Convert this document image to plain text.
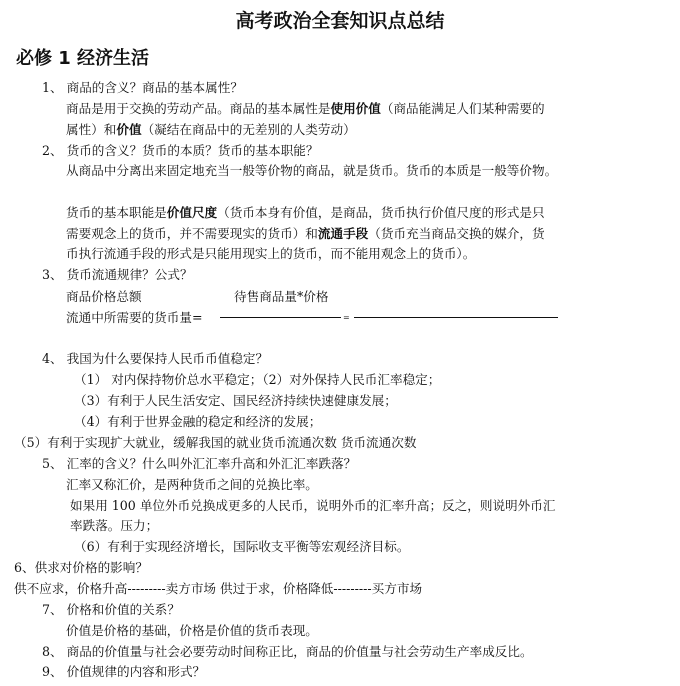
高考政治全套知识点总结
必修 1 经济生活
1、 商品的含义？商品的基本属性？
商品是用于交换的劳动产品。商品的基本属性是使用价值（商品能满足人们某种需要的
属性）和价值（凝结在商品中的无差别的人类劳动）
2、 货币的含义？货币的本质？货币的基本职能？
从商品中分离出来固定地充当一般等价物的商品，就是货币。货币的本质是一般等价物。
货币的基本职能是价值尺度（货币本身有价值，是商品，货币执行价值尺度的形式是只
需要观念上的货币，并不需要现实的货币）和流通手段（货币充当商品交换的媒介，货
币执行流通手段的形式是只能用现实上的货币，而不能用观念上的货币）。
3、 货币流通规律？公式？
商品价格总额	待售商品量*价格
流通中所需要的货币量=	=
4、 我国为什么要保持人民币币值稳定？
（1） 对内保持物价总水平稳定；（2）对外保持人民币汇率稳定；
（3）有利于人民生活安定、国民经济持续快速健康发展；
（4）有利于世界金融的稳定和经济的发展；
（5）有利于实现扩大就业，缓解我国的就业货币流通次数 货币流通次数
5、 汇率的含义？什么叫外汇汇率升高和外汇汇率跌落？
汇率又称汇价，是两种货币之间的兑换比率。
如果用 100 单位外币兑换成更多的人民币，说明外币的汇率升高；反之，则说明外币汇
率跌落。压力；
（6）有利于实现经济增长，国际收支平衡等宏观经济目标。
6、供求对价格的影响？
供不应求，价格升高---------卖方市场 供过于求，价格降低---------买方市场
7、 价格和价值的关系？
价值是价格的基础，价格是价值的货币表现。
8、 商品的价值量与社会必要劳动时间称正比，商品的价值量与社会劳动生产率成反比。
9、 价值规律的内容和形式？
